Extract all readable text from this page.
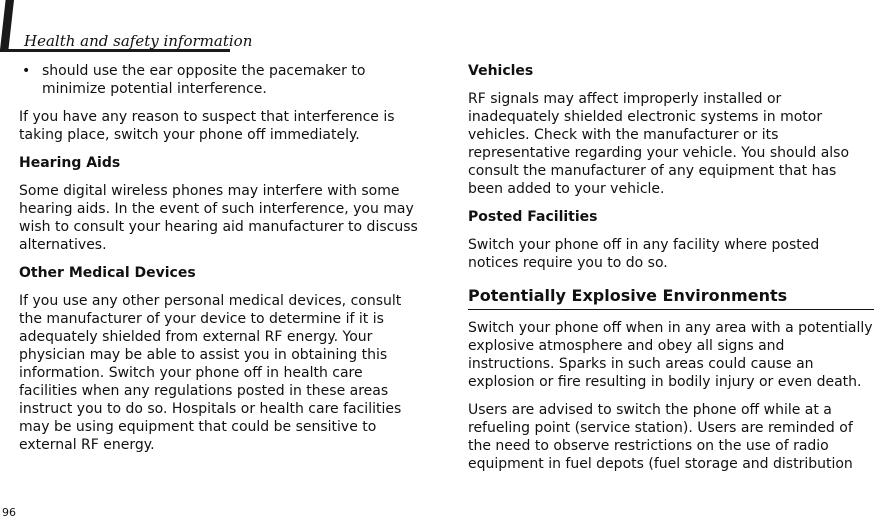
Health and safety information
• should use the ear opposite the pacemaker to minimize potential interference.

If you have any reason to suspect that interference is taking place, switch your phone off immediately.

Hearing Aids

Some digital wireless phones may interfere with some hearing aids. In the event of such interference, you may wish to consult your hearing aid manufacturer to discuss alternatives.

Other Medical Devices

If you use any other personal medical devices, consult the manufacturer of your device to determine if it is adequately shielded from external RF energy. Your physician may be able to assist you in obtaining this information. Switch your phone off in health care facilities when any regulations posted in these areas instruct you to do so. Hospitals or health care facilities may be using equipment that could be sensitive to external RF energy.

Vehicles

RF signals may affect improperly installed or inadequately shielded electronic systems in motor vehicles. Check with the manufacturer or its representative regarding your vehicle. You should also consult the manufacturer of any equipment that has been added to your vehicle.

Posted Facilities

Switch your phone off in any facility where posted notices require you to do so.

Potentially Explosive Environments

Switch your phone off when in any area with a potentially explosive atmosphere and obey all signs and instructions. Sparks in such areas could cause an explosion or fire resulting in bodily injury or even death.

Users are advised to switch the phone off while at a refueling point (service station). Users are reminded of the need to observe restrictions on the use of radio equipment in fuel depots (fuel storage and distribution

96
